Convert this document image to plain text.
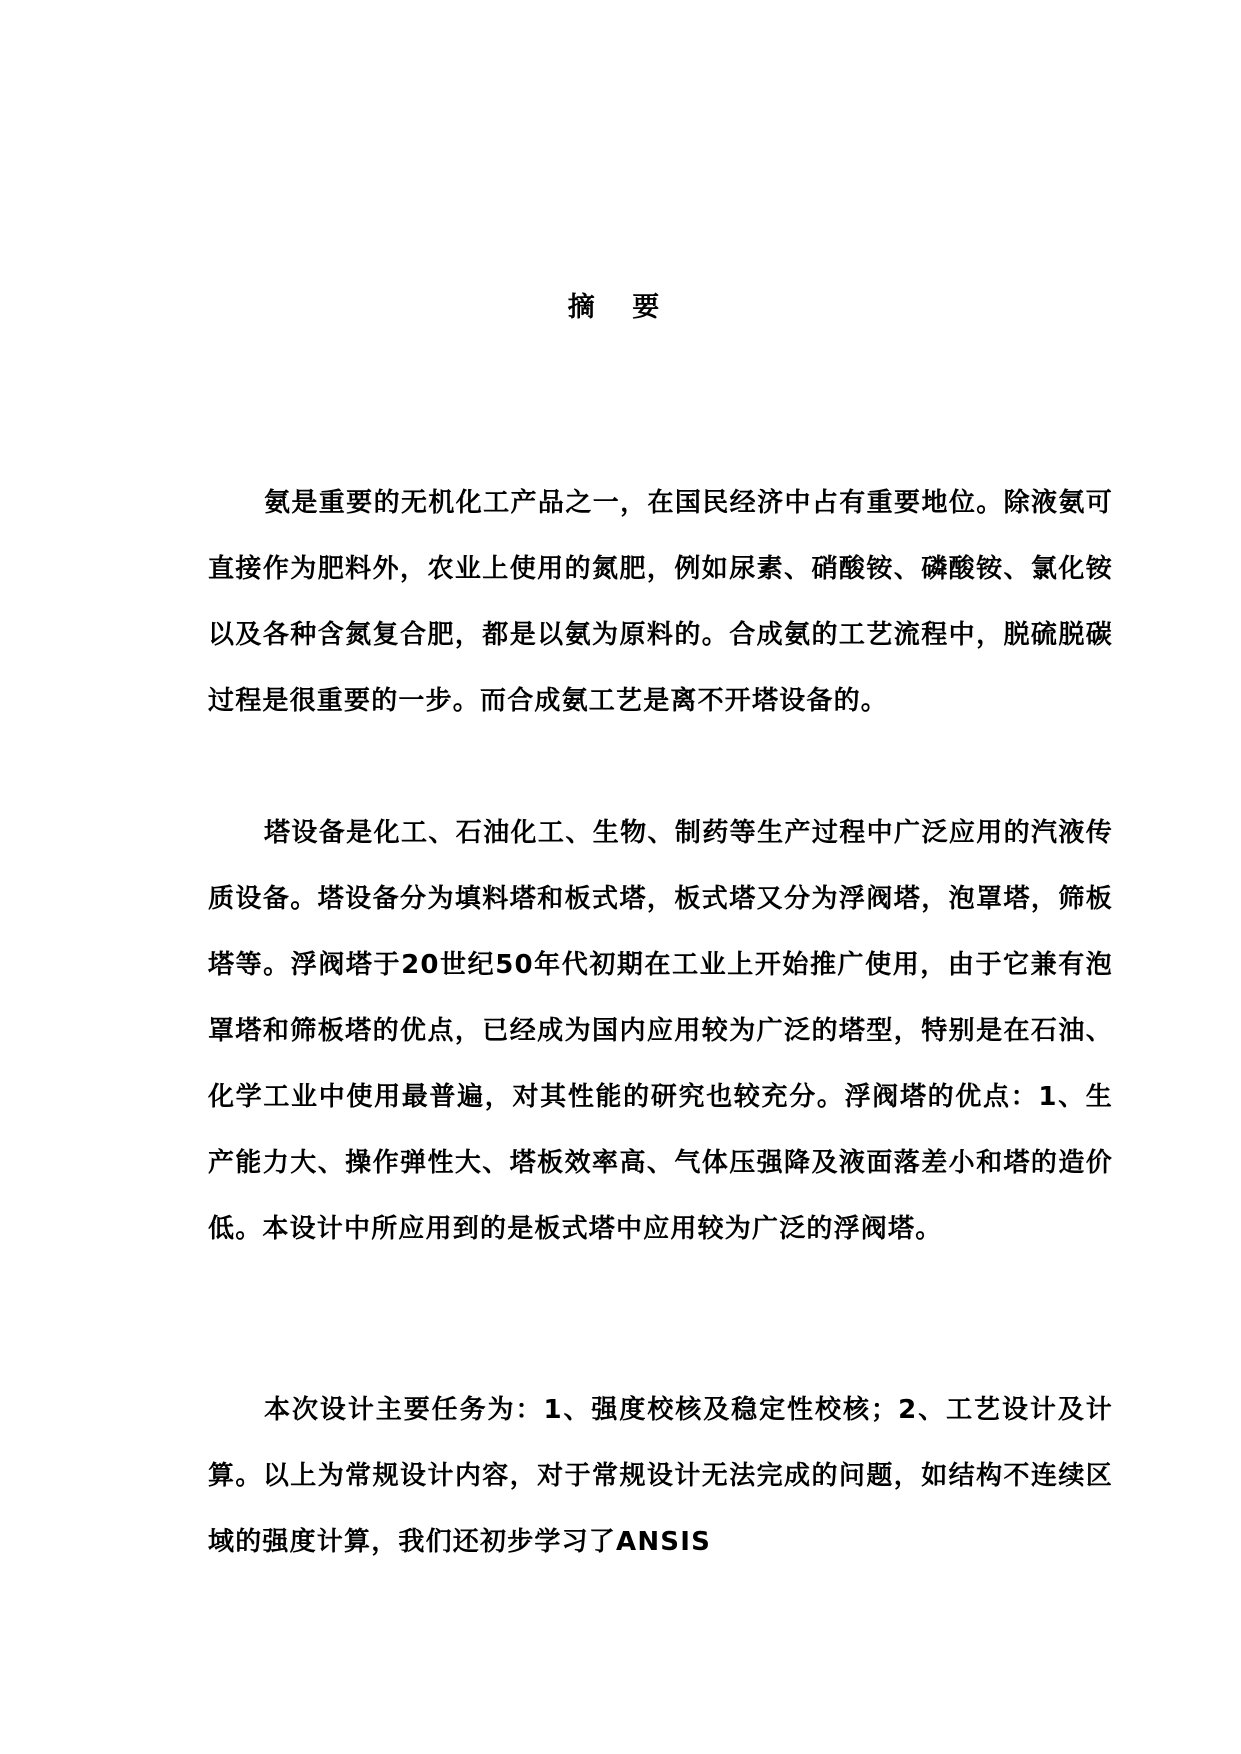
摘 要

氨是重要的无机化工产品之一，在国民经济中占有重要地位。除液氨可直接作为肥料外，农业上使用的氮肥，例如尿素、硝酸铵、磷酸铵、氯化铵以及各种含氮复合肥，都是以氨为原料的。合成氨的工艺流程中，脱硫脱碳过程是很重要的一步。而合成氨工艺是离不开塔设备的。

塔设备是化工、石油化工、生物、制药等生产过程中广泛应用的汽液传质设备。塔设备分为填料塔和板式塔，板式塔又分为浮阀塔，泡罩塔，筛板塔等。浮阀塔于20世纪50年代初期在工业上开始推广使用，由于它兼有泡罩塔和筛板塔的优点，已经成为国内应用较为广泛的塔型，特别是在石油、化学工业中使用最普遍，对其性能的研究也较充分。浮阀塔的优点：1、生产能力大、操作弹性大、塔板效率高、气体压强降及液面落差小和塔的造价低。本设计中所应用到的是板式塔中应用较为广泛的浮阀塔。

本次设计主要任务为：1、强度校核及稳定性校核；2、工艺设计及计算。以上为常规设计内容，对于常规设计无法完成的问题，如结构不连续区域的强度计算，我们还初步学习了ANSIS
